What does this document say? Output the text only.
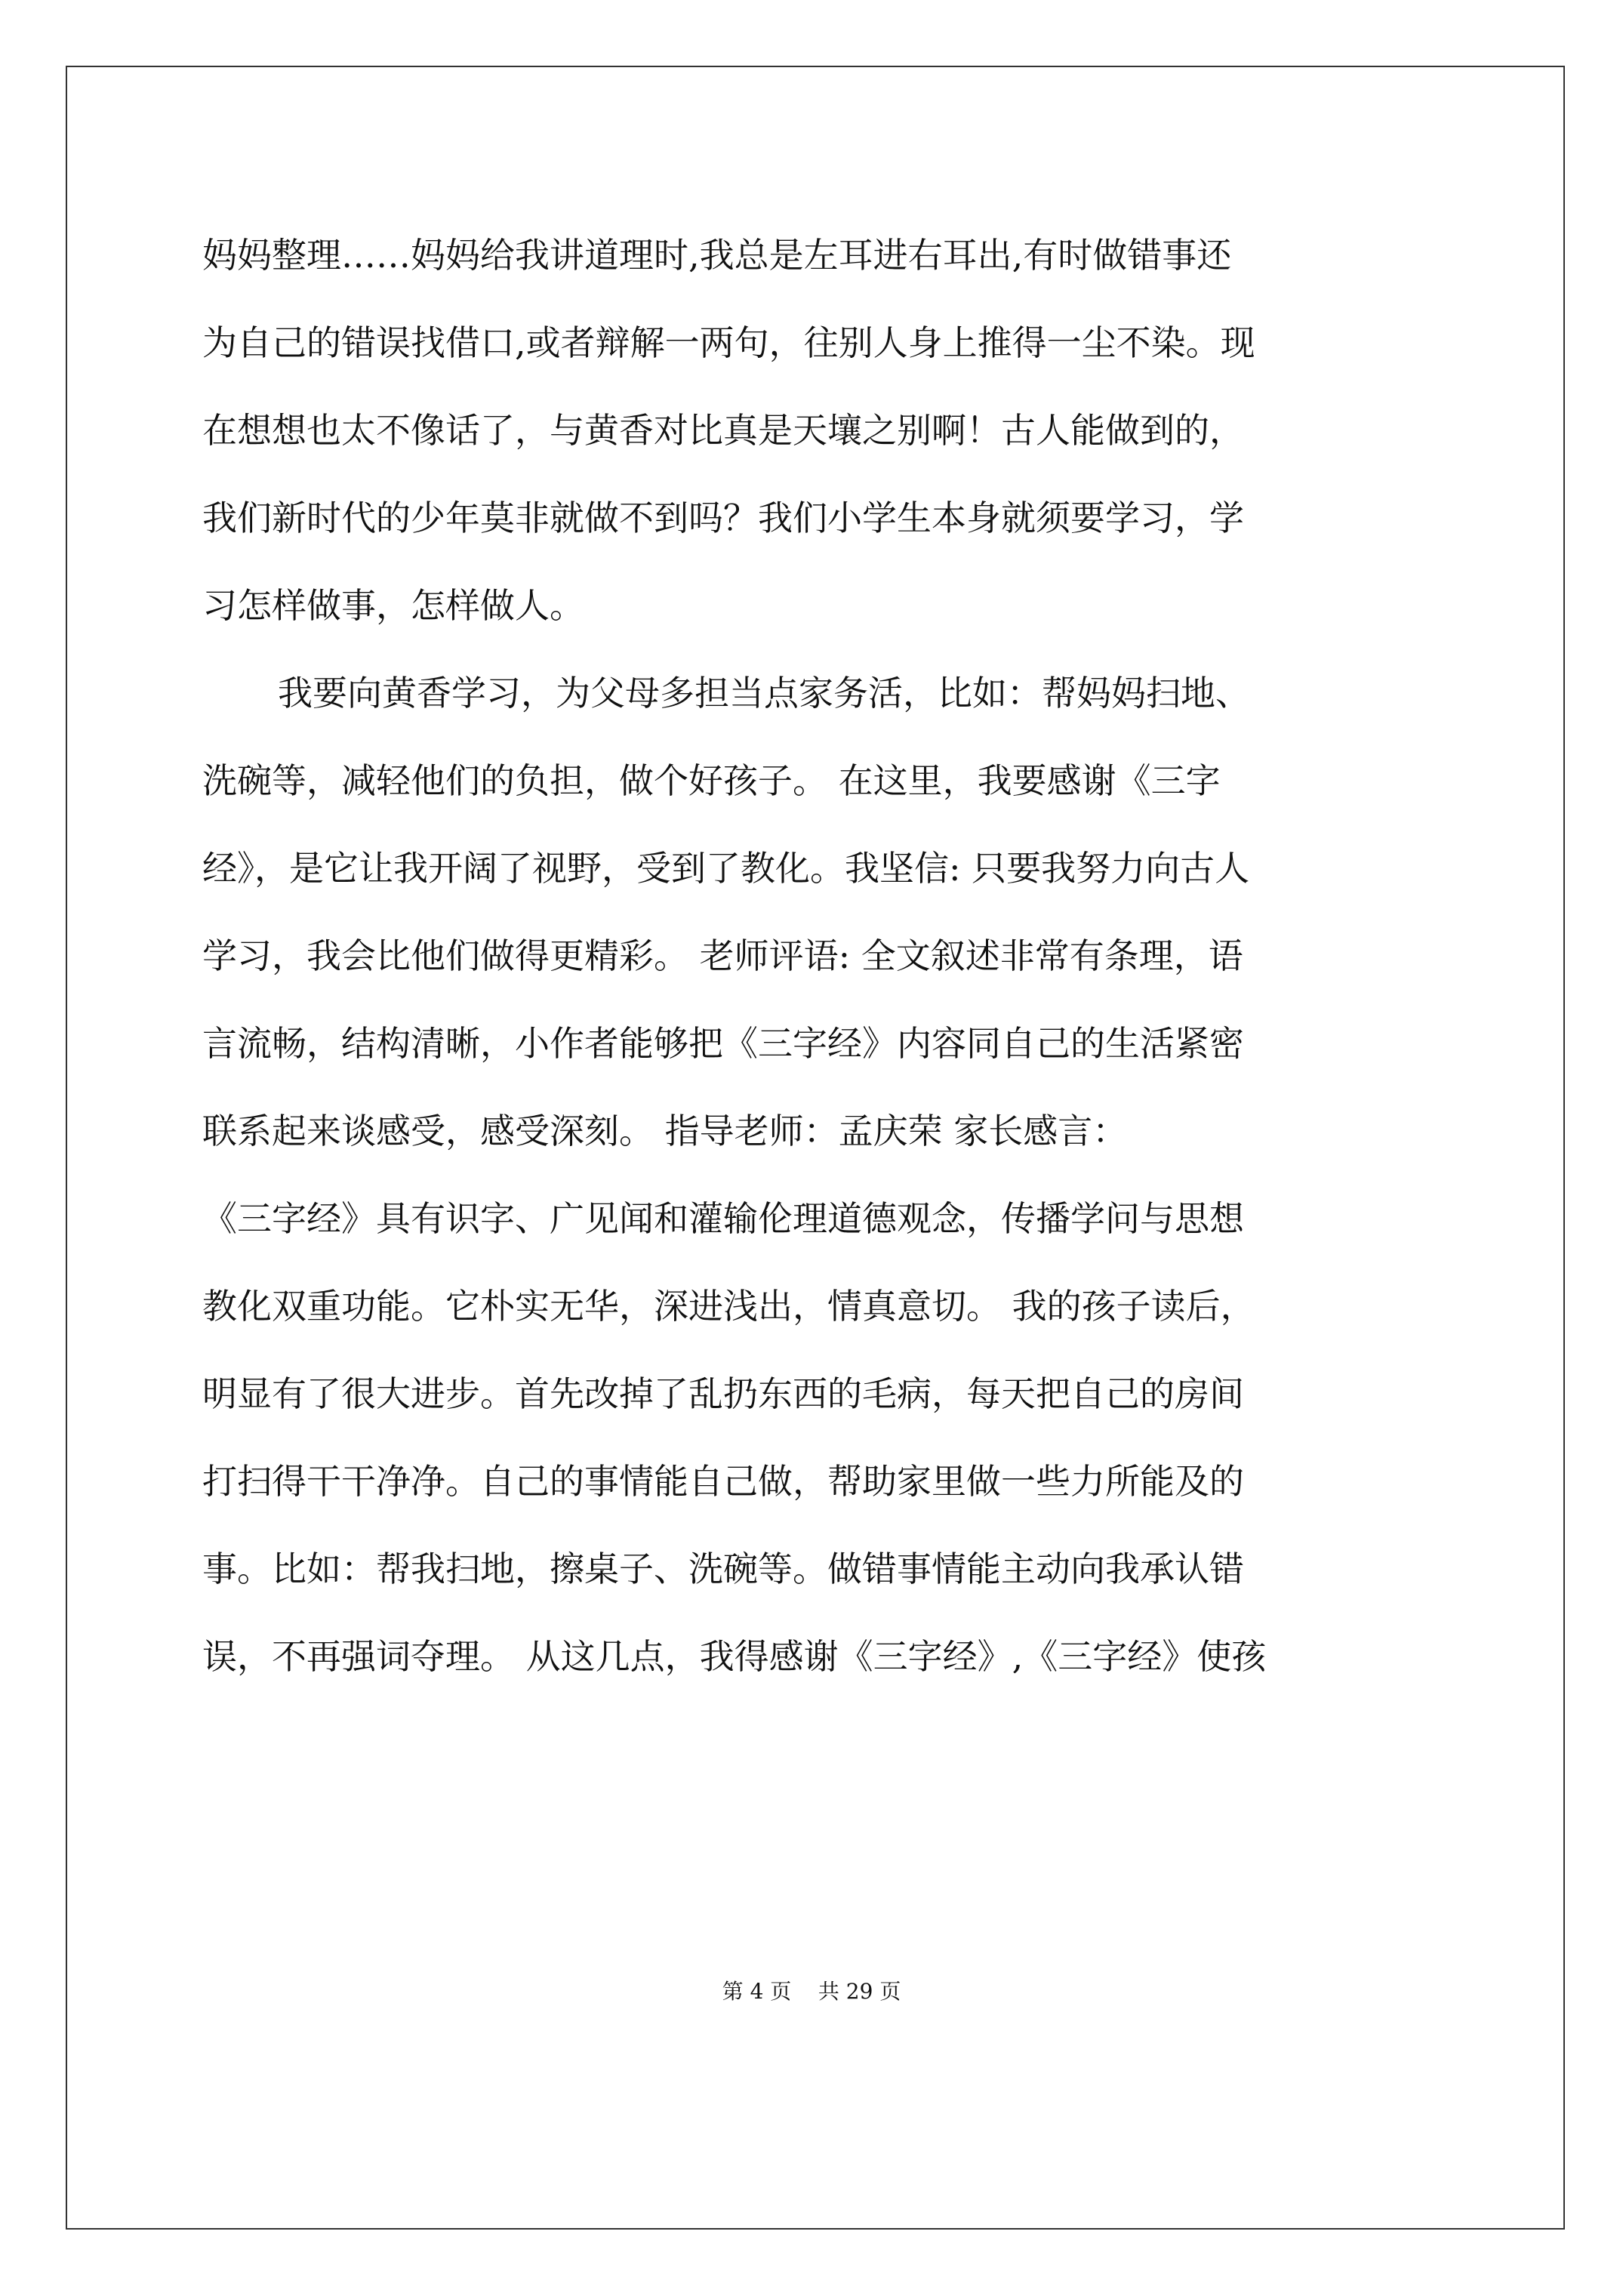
妈妈整理……妈妈给我讲道理时,我总是左耳进右耳出,有时做错事还
为自己的错误找借口,或者辩解一两句，往别人身上推得一尘不染。现
在想想也太不像话了，与黄香对比真是天壤之别啊！古人能做到的，
我们新时代的少年莫非就做不到吗？我们小学生本身就须要学习，学
习怎样做事，怎样做人。
我要向黄香学习，为父母多担当点家务活，比如：帮妈妈扫地、
洗碗等，减轻他们的负担，做个好孩子。 在这里，我要感谢《三字
经》，是它让我开阔了视野，受到了教化。我坚信: 只要我努力向古人
学习，我会比他们做得更精彩。 老师评语: 全文叙述非常有条理，语
言流畅，结构清晰，小作者能够把《三字经》内容同自己的生活紧密
联系起来谈感受，感受深刻。 指导老师：孟庆荣 家长感言：
《三字经》具有识字、广见闻和灌输伦理道德观念，传播学问与思想
教化双重功能。它朴实无华，深进浅出，情真意切。 我的孩子读后，
明显有了很大进步。首先改掉了乱扔东西的毛病，每天把自己的房间
打扫得干干净净。自己的事情能自己做，帮助家里做一些力所能及的
事。比如：帮我扫地，擦桌子、洗碗等。做错事情能主动向我承认错
误，不再强词夺理。 从这几点，我得感谢《三字经》,《三字经》使孩
第 4 页    共 29 页
